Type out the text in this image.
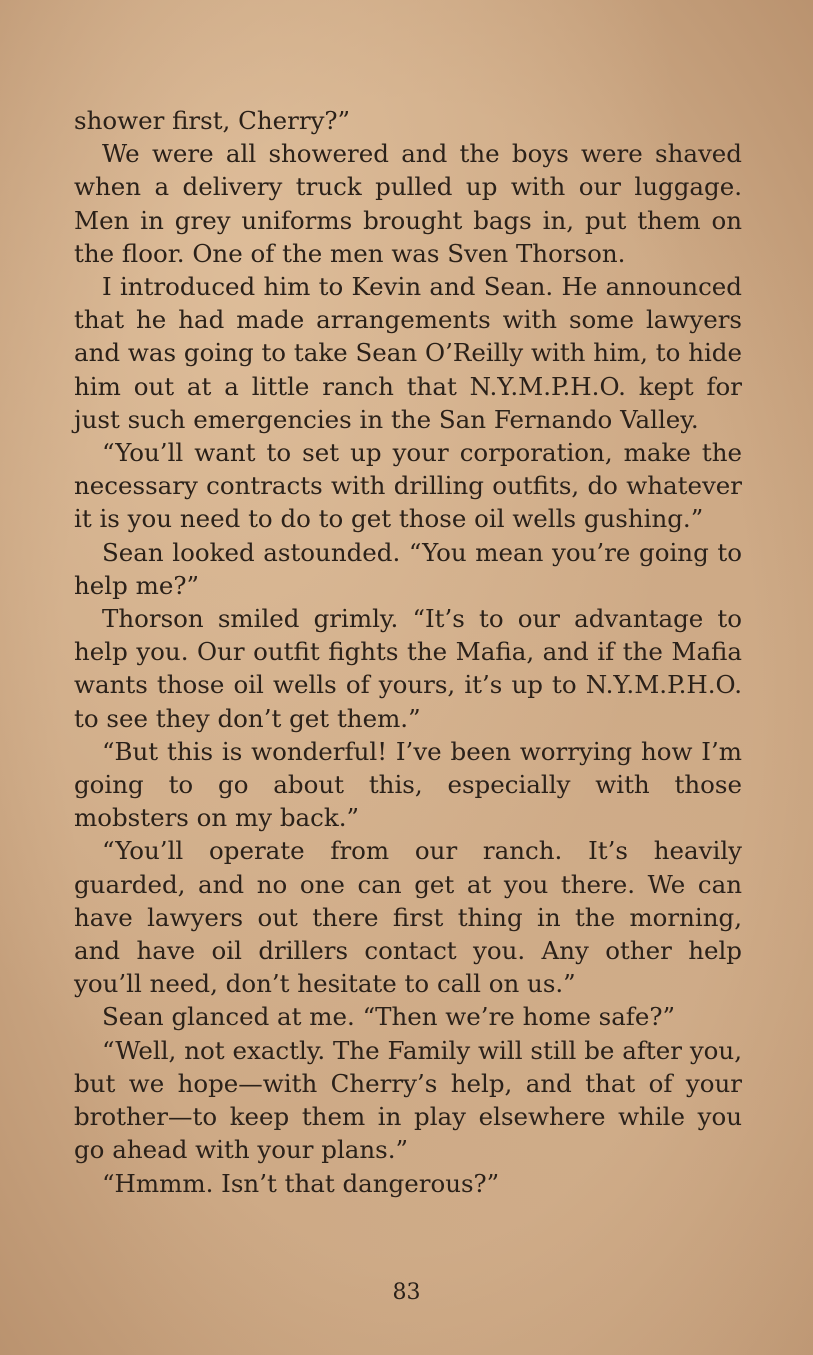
shower first, Cherry?”

We were all showered and the boys were shaved when a delivery truck pulled up with our luggage. Men in grey uniforms brought bags in, put them on the floor. One of the men was Sven Thorson.

I introduced him to Kevin and Sean. He announced that he had made arrangements with some lawyers and was going to take Sean O’Reilly with him, to hide him out at a little ranch that N.Y.M.P.H.O. kept for just such emergencies in the San Fernando Valley.

“You’ll want to set up your corporation, make the necessary contracts with drilling outfits, do whatever it is you need to do to get those oil wells gushing.”

Sean looked astounded. “You mean you’re going to help me?”

Thorson smiled grimly. “It’s to our advantage to help you. Our outfit fights the Mafia, and if the Mafia wants those oil wells of yours, it’s up to N.Y.M.P.H.O. to see they don’t get them.”

“But this is wonderful! I’ve been worrying how I’m going to go about this, especially with those mobsters on my back.”

“You’ll operate from our ranch. It’s heavily guarded, and no one can get at you there. We can have lawyers out there first thing in the morning, and have oil drillers contact you. Any other help you’ll need, don’t hesitate to call on us.”

Sean glanced at me. “Then we’re home safe?”

“Well, not exactly. The Family will still be after you, but we hope—with Cherry’s help, and that of your brother—to keep them in play elsewhere while you go ahead with your plans.”

“Hmmm. Isn’t that dangerous?”

83
